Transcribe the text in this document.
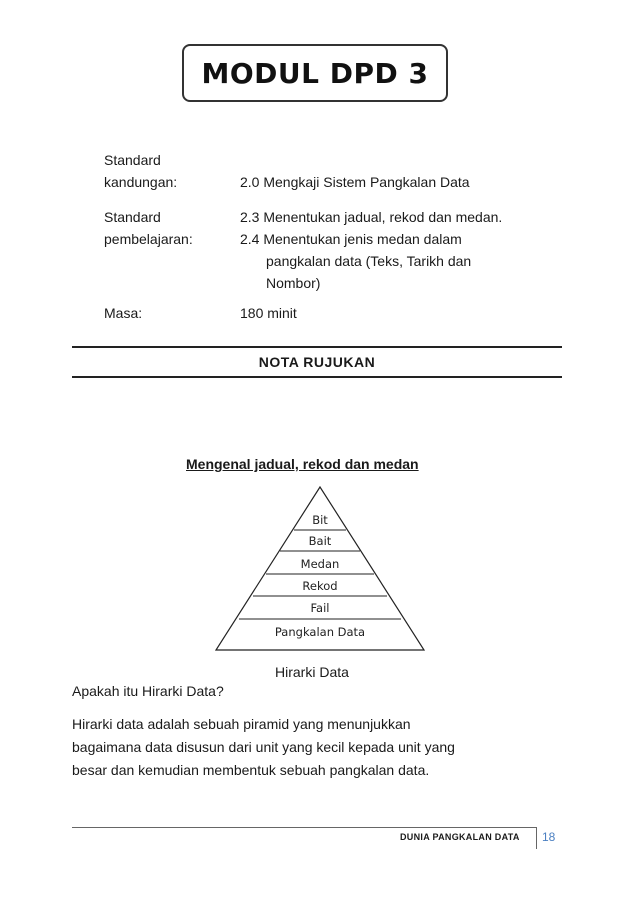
MODUL DPD 3
Standard
kandungan:	2.0 Mengkaji Sistem Pangkalan Data
Standard
pembelajaran:
2.3 Menentukan jadual, rekod dan medan.
2.4 Menentukan jenis medan dalam
pangkalan data (Teks, Tarikh dan
Nombor)
Masa:	180 minit
NOTA RUJUKAN
Mengenal jadual, rekod dan medan
Bit
Bait
Medan
Rekod
Fail
Pangkalan Data
Hirarki Data
Apakah itu Hirarki Data?
Hirarki data adalah sebuah piramid yang menunjukkan
bagaimana data disusun dari unit yang kecil kepada unit yang
besar dan kemudian membentuk sebuah pangkalan data.
DUNIA PANGKALAN DATA 18
